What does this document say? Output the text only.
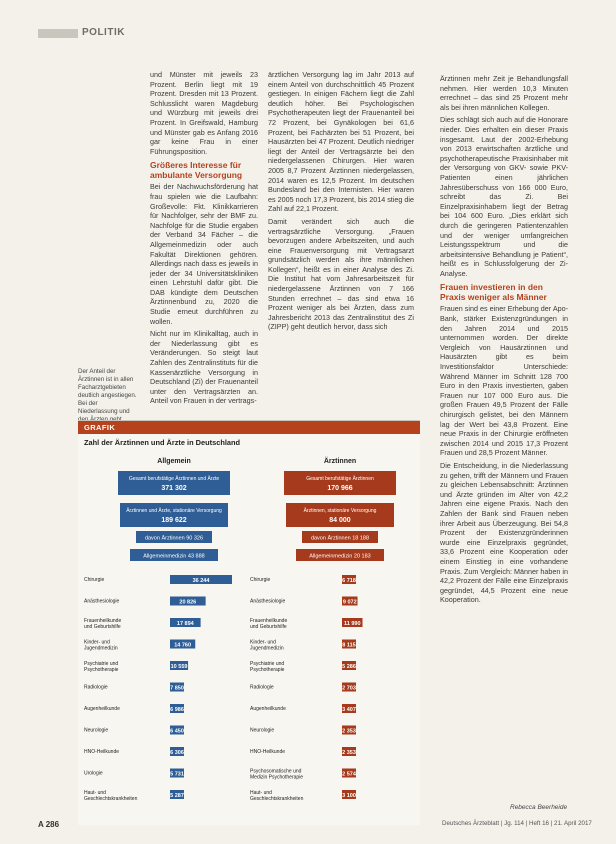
POLITIK

und Münster mit jeweils 23 Prozent. Berlin liegt mit 19 Prozent. Dresden mit 13 Prozent. Schlusslicht waren Magdeburg und Würzburg mit jeweils drei Prozent. In Greifswald, Hamburg und Münster gab es Anfang 2016 gar keine Frau in einer Führungsposition.

Größeres Interesse für ambulante Versorgung

Bei der Nachwuchsförderung hat frau spielen wie die Laufbahn: Großevolle: Fkt. Klinikkarrieren für Nachfolger, sehr der BMF zu. Nachfolge für die Studie ergaben der Verband 34 Fächer – die Allgemeinmedizin oder auch Fakultät Direktionen gehören. Allerdings nach dass es jeweils in jeder der 34 Universitätskliniken einen Lehrstuhl dafür gibt. Die DAB kündigte dem Deutschen Ärztinnenbund zu, 2020 die Studie erneut durchführen zu wollen.

Nicht nur im Klinikalltag, auch in der Niederlassung gibt es Veränderungen. So steigt laut Zahlen des Zentralinstituts für die Kassenärztliche Versorgung in Deutschland (Zi) der Frauenanteil unter den Vertragsärzten an. Anteil von Frauen in der vertrags-

ärztlichen Versorgung lag im Jahr 2013 auf einem Anteil von durchschnittlich 45 Prozent gestiegen. In einigen Fächern liegt die Zahl deutlich höher. Bei Psychologischen Psychotherapeuten liegt der Frauenanteil bei 72 Prozent, bei Gynäkologen bei 61,6 Prozent, bei Fachärzten bei 51 Prozent, bei Hausärzten bei 47 Prozent. Deutlich niedriger liegt der Anteil der Vertragsärzte bei den niedergelassenen Chirurgen. Hier waren 2005 8,7 Prozent Ärztinnen niedergelassen, 2014 waren es 12,5 Prozent. Im deutschen Bundesland bei den Internisten. Hier waren es 2005 noch 17,3 Prozent, bis 2014 stieg die Zahl auf 22,1 Prozent.

Damit verändert sich auch die vertragsärztliche Versorgung. „Frauen bevorzugen andere Arbeitszeiten, und auch eine Frauenversorgung mit Vertragsarzt grundsätzlich werden als ihre männlichen Kollegen“, heißt es in einer Analyse des Zi. Die Institut hat vom Jahresarbeitszeit für niedergelassene Ärztinnen von 7 166 Stunden errechnet – das sind etwa 16 Prozent weniger als bei Ärzten, dass zum Jahresbericht 2013 das Zentralinstitut des Zi (ZIPP) geht deutlich hervor, dass sich

Ärztinnen mehr Zeit je Behandlungsfall nehmen. Hier werden 10,3 Minuten errechnet – das sind 25 Prozent mehr als bei ihren männlichen Kollegen.

Dies schlägt sich auch auf die Honorare nieder. Dies erhalten ein dieser Praxis insgesamt. Laut der 2002-Erhebung von 2013 erwirtschaften ärztliche und psychotherapeutische Praxisinhaber mit der Versorgung von GKV- sowie PKV-Patienten einen jährlichen Jahresüberschuss von 166 000 Euro, schreibt das Zi. Bei Einzelpraxisinhabern liegt der Betrag bei 104 600 Euro. „Dies erklärt sich durch die geringeren Patientenzahlen und der weniger umfangreichen Leistungsspektrum und die arbeitsintensive Behandlung je Patient“, heißt es in Schlussfolgerung der Zi-Analyse.

Frauen investieren in den Praxis weniger als Männer

Frauen sind es einer Erhebung der Apo-Bank, stärker Existenzgründungen in den Jahren 2014 und 2015 unternommen worden. Der direkte Vergleich von Hausärztinnen und Hausärzten gibt es beim Investitionsfaktor Unterschiede: Während Männer im Schnitt 128 700 Euro in den Praxis investierten, gaben Frauen nur 107 000 Euro aus. Die großen Frauen 49,5 Prozent der Fälle chirurgisch gelistet, bei den Männern lag der Wert bei 43,8 Prozent. Eine neue Praxis in der Chirurgie eröffneten zwischen 2014 und 2015 17,3 Prozent Frauen und 28,5 Prozent Männer.

Die Entscheidung, in die Niederlassung zu gehen, trifft der Männern und Frauen zu gleichen Lebensabschnitt: Ärztinnen und Ärzte gründen im Alter von 42,2 Jahren eine eigene Praxis. Nach den Zahlen der Bank sind Frauen neben ihrer Arbeit aus Überzeugung. Bei 54,8 Prozent der Existenzgründerinnen wurde eine Einzelpraxis gegründet, 33,6 Prozent eine Kooperation oder einem Einstieg in eine vorhandene Praxis. Zum Vergleich: Männer haben in 42,2 Prozent der Fälle eine Einzelpraxis gegründet, 44,5 Prozent eine neue Kooperation.

Rebecca Beerheide
Der Anteil der Ärztinnen ist in allen Facharztgebieten deutlich angestiegen. Bei der Niederlassung und
GRAFIK
Zahl der Ärztinnen und Ärzte in Deutschland
Allgemein
Gesamt berufstätige Ärztinnen und Ärzte
371 302
Ärztinnen und Ärzte, stationäre Versorgung
189 622
davon Ärztinnen 90 326
Allgemeinmedizin 43 888
Chirurgie	36 244
Anästhesiologie	20 826
Frauenheilkunde
und Geburtshilfe	17 894
Kinder- und
Jugendmedizin	14 760
Psychiatrie und
Psychotherapie	10 559
Radiologie	7 850
Augenheilkunde	6 986
Neurologie	6 450
HNO-Heilkunde	6 306
Urologie	5 731
Haut- und
Geschlechtskrankheiten	5 287
Ärztinnen
Gesamt berufstätige Ärztinnen
170 966
Ärztinnen, stationäre Versorgung
84 000
davon Ärztinnen 18 188
Allgemeinmedizin 20 183
Chirurgie	6 718
Anästhesiologie	9 072
Frauenheilkunde
und Geburtshilfe	11 990
Kinder- und
Jugendmedizin	8 115
Psychiatrie und
Psychotherapie	5 286
Radiologie	2 703
Augenheilkunde	3 407
Neurologie	2 353
HNO-Heilkunde	2 353
Psychosomatische und
Medizin Psychotherapie	2 574
Haut- und
Geschlechtskrankheiten	3 100
A 286	Deutsches Ärzteblatt | Jg. 114 | Heft 16 | 21. April 2017
